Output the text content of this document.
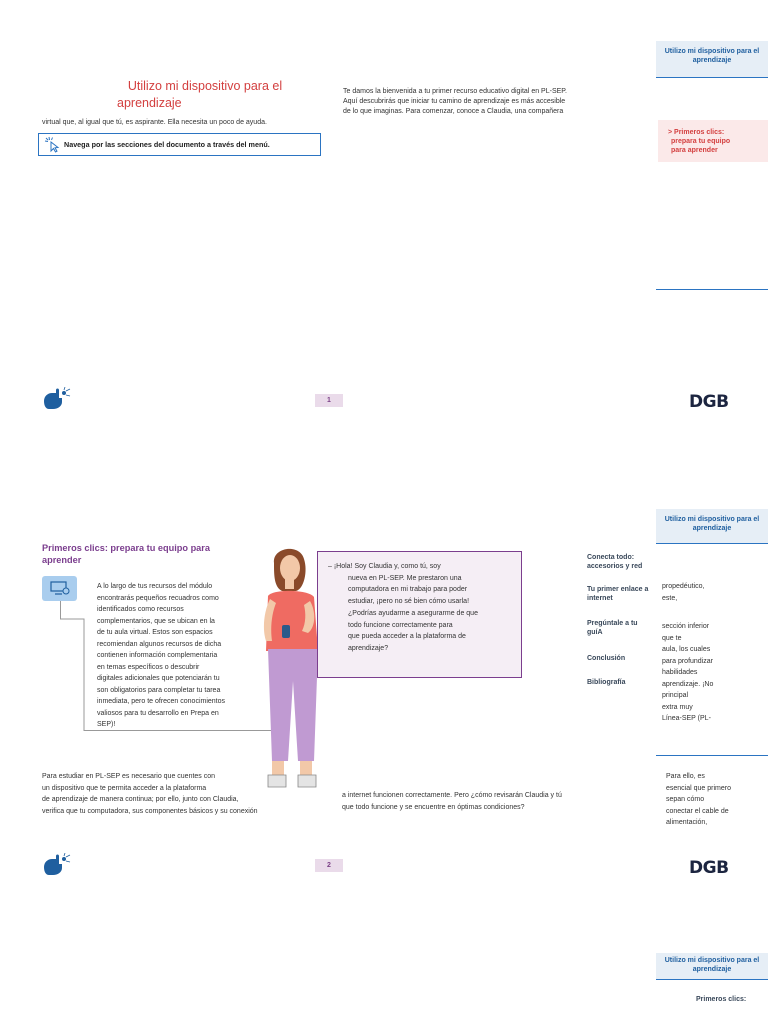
Utilizo mi dispositivo para el
aprendizaje
Te damos la bienvenida a tu primer recurso educativo digital en PL-SEP.
Aquí descubrirás que iniciar tu camino de aprendizaje es más accesible
de lo que imaginas. Para comenzar, conoce a Claudia, una compañera
virtual que, al igual que tú, es aspirante. Ella necesita un poco de ayuda.
Navega por las secciones del documento a través del menú.
Utilizo mi dispositivo para el
aprendizaje
> Primeros clics:
prepara tu equipo
para aprender
1	DGB
Utilizo mi dispositivo para el
aprendizaje
Primeros clics: prepara tu equipo para
aprender
A lo largo de tus recursos del módulo
encontrarás pequeños recuadros como
identificados como recursos
complementarios, que se ubican en la
de tu aula virtual. Estos son espacios
recomiendan algunos recursos de dicha
contienen información complementaria
en temas específicos o descubrir
digitales adicionales que potenciarán tu
son obligatorios para completar tu tarea
inmediata, pero te ofrecen conocimientos
valiosos para tu desarrollo en Prepa en
SEP)!
– ¡Hola! Soy Claudia y, como tú, soy
nueva en PL-SEP. Me prestaron una
computadora en mi trabajo para poder
estudiar, ¡pero no sé bien cómo usarla!
¿Podrías ayudarme a asegurarme de que
todo funcione correctamente para
que pueda acceder a la plataforma de
aprendizaje?
Para estudiar en PL-SEP es necesario que cuentes con
un dispositivo que te permita acceder a la plataforma
de aprendizaje de manera continua; por ello, junto con Claudia,
verifica que tu computadora, sus componentes básicos y su conexión
a internet funcionen correctamente. Pero ¿cómo revisarán Claudia y tú
que todo funcione y se encuentre en óptimas condiciones?
Conecta todo:
accesorios y red
Tu primer enlace a
internet
Pregúntale a tu
guíA
Conclusión
Bibliografía
propedéutico,
este,
sección inferior
que te
aula, los cuales
para profundizar
habilidades
aprendizaje. ¡No
principal
extra muy
Línea-SEP (PL-
Para ello, es
esencial que primero
sepan cómo
conectar el cable de
alimentación,
2	DGB
Utilizo mi dispositivo para el
aprendizaje
Primeros clics:
